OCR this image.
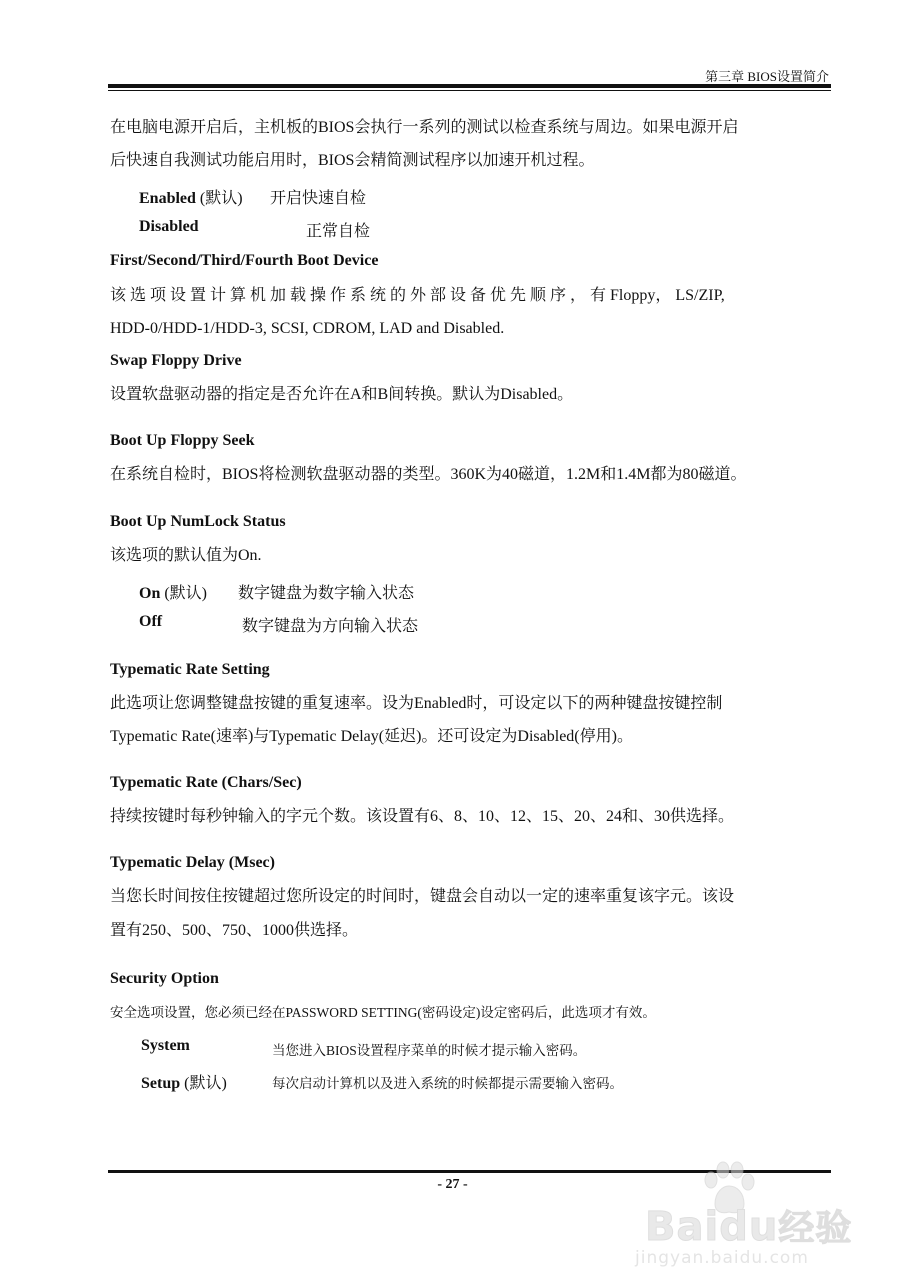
第三章 BIOS设置简介
在电脑电源开启后，主机板的BIOS会执行一系列的测试以检查系统与周边。如果电源开启
后快速自我测试功能启用时，BIOS会精简测试程序以加速开机过程。
Enabled (默认) 开启快速自检
Disabled	正常自检
First/Second/Third/Fourth Boot Device
该 选 项 设 置 计 算 机 加 载 操 作 系 统 的 外 部 设 备 优 先 顺 序 ， 有 Floppy， LS/ZIP,
HDD-0/HDD-1/HDD-3, SCSI, CDROM, LAD and Disabled.
Swap Floppy Drive
设置软盘驱动器的指定是否允许在A和B间转换。默认为Disabled。
Boot Up Floppy Seek
在系统自检时，BIOS将检测软盘驱动器的类型。360K为40磁道，1.2M和1.4M都为80磁道。
Boot Up NumLock Status
该选项的默认值为On.
On (默认) 数字键盘为数字输入状态
Off	数字键盘为方向输入状态
Typematic Rate Setting
此选项让您调整键盘按键的重复速率。设为Enabled时，可设定以下的两种键盘按键控制
Typematic Rate(速率)与Typematic Delay(延迟)。还可设定为Disabled(停用)。
Typematic Rate (Chars/Sec)
持续按键时每秒钟输入的字元个数。该设置有6、8、10、12、15、20、24和、30供选择。
Typematic Delay (Msec)
当您长时间按住按键超过您所设定的时间时，键盘会自动以一定的速率重复该字元。该设
置有250、500、750、1000供选择。
Security Option
安全选项设置，您必须已经在PASSWORD SETTING(密码设定)设定密码后，此选项才有效。
System	当您进入BIOS设置程序菜单的时候才提示输入密码。
Setup (默认)	每次启动计算机以及进入系统的时候都提示需要输入密码。
- 27 -
Baidu经验
jingyan.baidu.com
